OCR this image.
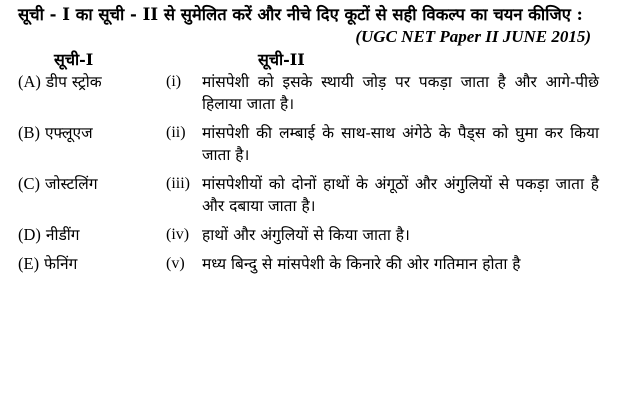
सूची - I का सूची - II से सुमेलित करें और नीचे दिए कूटों से सही विकल्प का चयन कीजिए :

(UGC NET Paper II JUNE 2015)
सूची-I	सूची-II
(A) डीप स्ट्रोक	(i)	मांसपेशी को इसके स्थायी जोड़ पर पकड़ा जाता है और आगे-पीछे हिलाया जाता है।
(B) एफ्लूएज	(ii)	मांसपेशी की लम्बाई के साथ-साथ अंगेठे के पैड्स को घुमा कर किया जाता है।
(C) जोस्टलिंग	(iii) मांसपेशीयों को दोनों हाथों के अंगूठों और अंगुलियों से पकड़ा जाता है और दबाया जाता है।
(D) नीडींग	(iv) हाथों और अंगुलियों से किया जाता है।
(E) फेनिंग	(v)	मध्य बिन्दु से मांसपेशी के किनारे की ओर गतिमान होता है
